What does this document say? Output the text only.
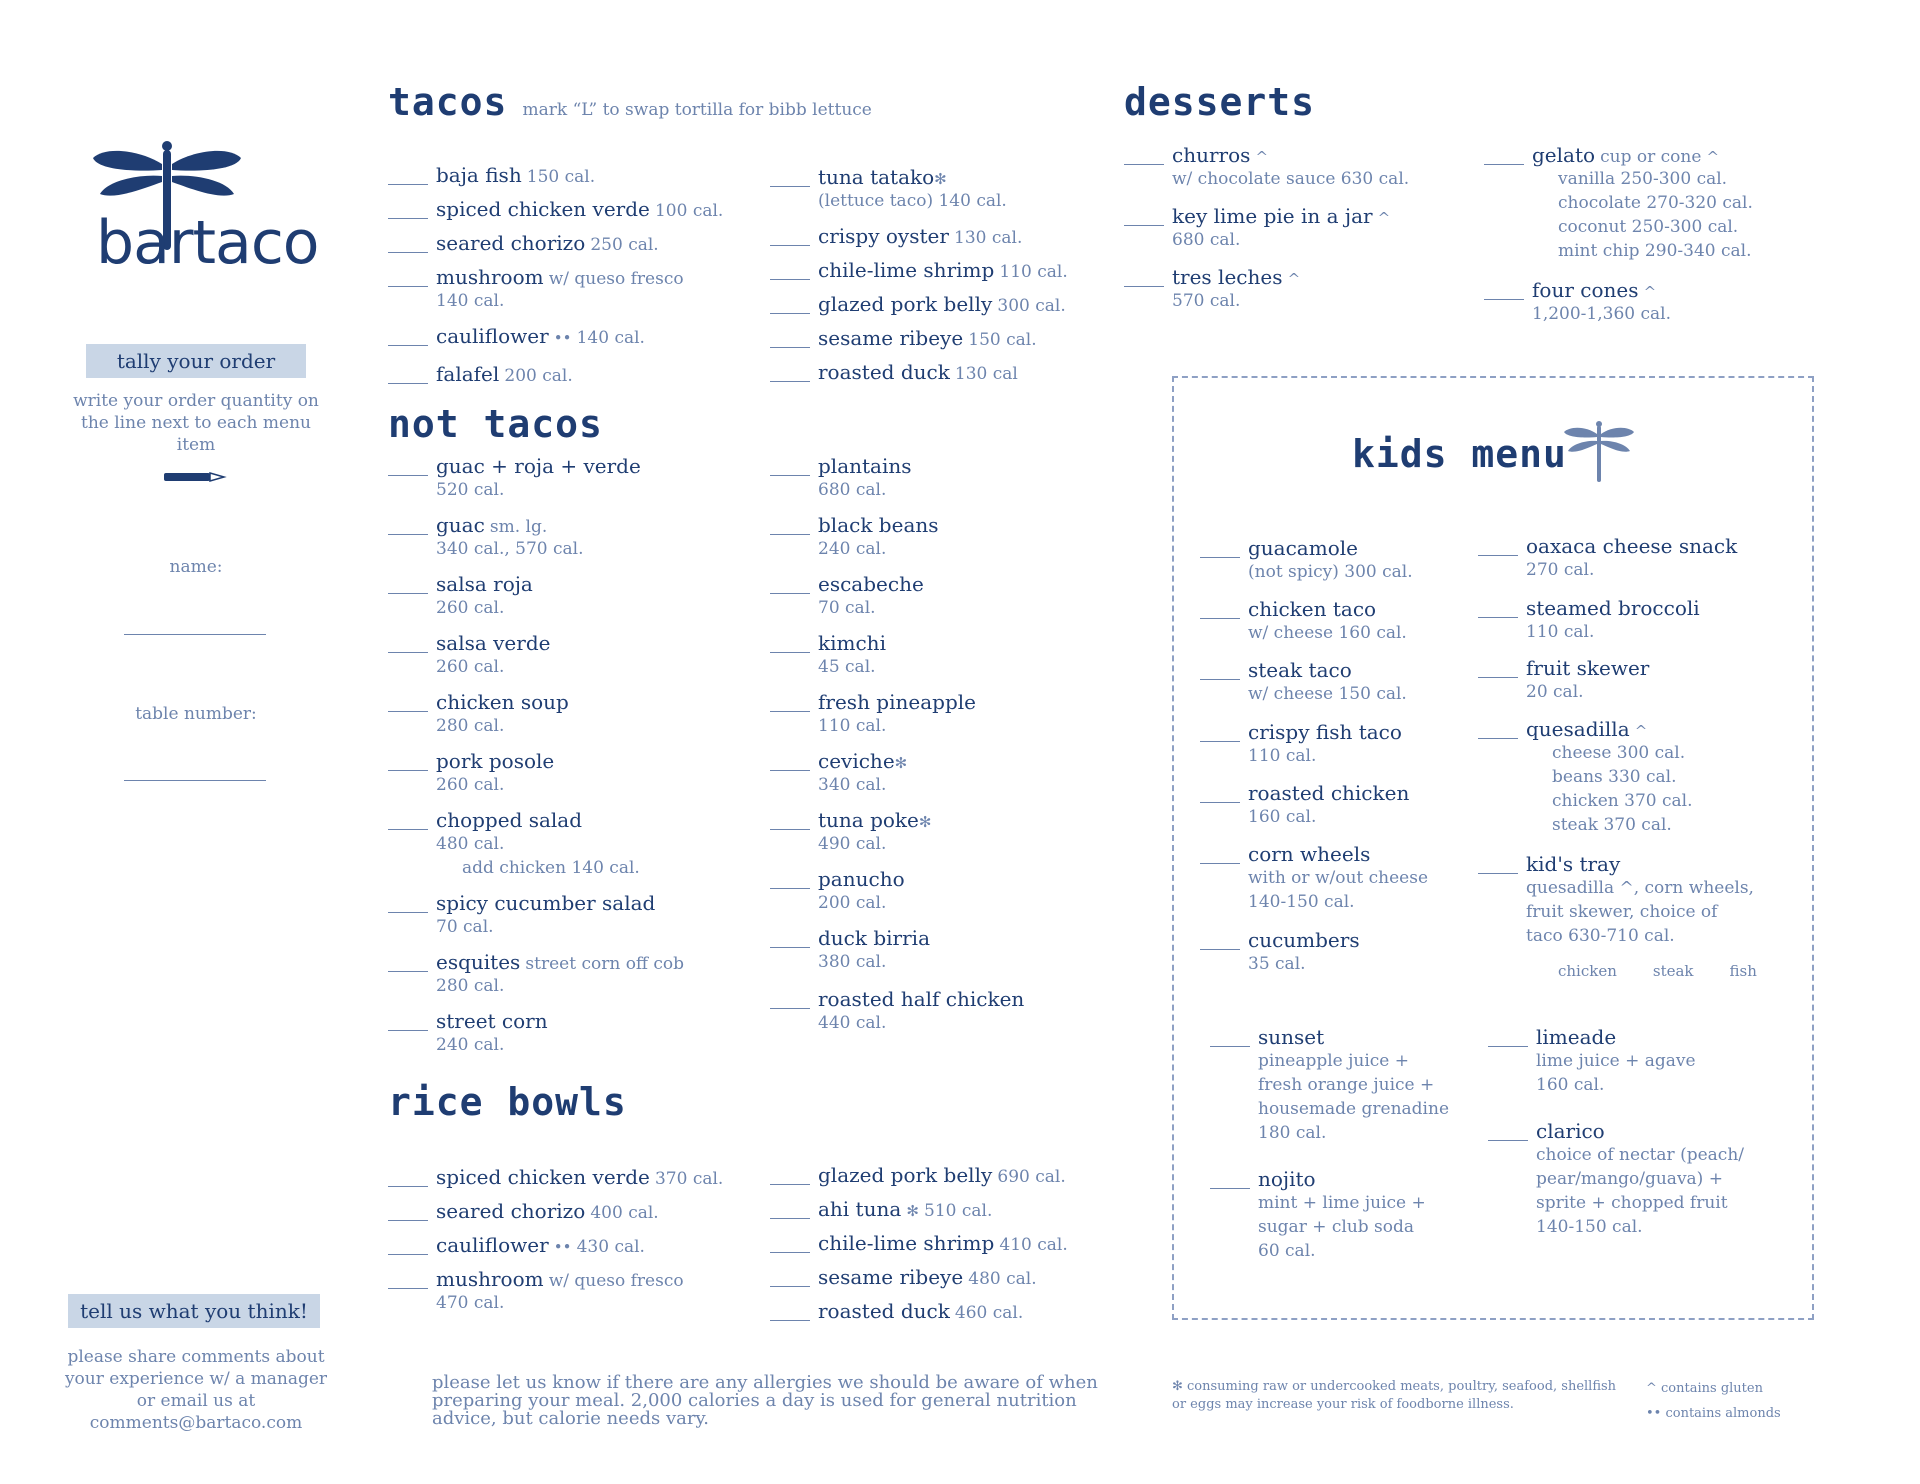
bartaco
tally your order
write your order quantity on the line next to each menu item
name:
table number:
tell us what you think!
please share comments about your experience w/ a manager or email us at comments@bartaco.com
tacos mark “L” to swap tortilla for bibb lettuce
baja fish 150 cal.
spiced chicken verde 100 cal.
seared chorizo 250 cal.
mushroom w/ queso fresco
140 cal.
cauliflower •• 140 cal.
falafel 200 cal.
tuna tatako✻
(lettuce taco) 140 cal.
crispy oyster 130 cal.
chile-lime shrimp 110 cal.
glazed pork belly 300 cal.
sesame ribeye 150 cal.
roasted duck 130 cal
not tacos
guac + roja + verde
520 cal.
guac sm. lg.
340 cal., 570 cal.
salsa roja
260 cal.
salsa verde
260 cal.
chicken soup
280 cal.
pork posole
260 cal.
chopped salad
480 cal.
add chicken 140 cal.
spicy cucumber salad
70 cal.
esquites street corn off cob
280 cal.
street corn
240 cal.
plantains
680 cal.
black beans
240 cal.
escabeche
70 cal.
kimchi
45 cal.
fresh pineapple
110 cal.
ceviche✻
340 cal.
tuna poke✻
490 cal.
panucho
200 cal.
duck birria
380 cal.
roasted half chicken
440 cal.
rice bowls
spiced chicken verde 370 cal.
seared chorizo 400 cal.
cauliflower •• 430 cal.
mushroom w/ queso fresco
470 cal.
glazed pork belly 690 cal.
ahi tuna ✻ 510 cal.
chile-lime shrimp 410 cal.
sesame ribeye 480 cal.
roasted duck 460 cal.
desserts
churros ^
w/ chocolate sauce 630 cal.
key lime pie in a jar ^
680 cal.
tres leches ^
570 cal.
gelato cup or cone ^
vanilla 250-300 cal.
chocolate 270-320 cal.
coconut 250-300 cal.
mint chip 290-340 cal.
four cones ^
1,200-1,360 cal.
kids menu
guacamole
(not spicy) 300 cal.
chicken taco
w/ cheese 160 cal.
steak taco
w/ cheese 150 cal.
crispy fish taco
110 cal.
roasted chicken
160 cal.
corn wheels
with or w/out cheese
140-150 cal.
cucumbers
35 cal.
oaxaca cheese snack
270 cal.
steamed broccoli
110 cal.
fruit skewer
20 cal.
quesadilla ^
cheese 300 cal.
beans 330 cal.
chicken 370 cal.
steak 370 cal.
kid's tray
quesadilla ^, corn wheels,
fruit skewer, choice of
taco 630-710 cal.
chicken steak fish
sunset
pineapple juice +
fresh orange juice +
housemade grenadine
180 cal.
nojito
mint + lime juice +
sugar + club soda
60 cal.
limeade
lime juice + agave
160 cal.
clarico
choice of nectar (peach/
pear/mango/guava) +
sprite + chopped fruit
140-150 cal.
please let us know if there are any allergies we should be aware of when preparing your meal. 2,000 calories a day is used for general nutrition advice, but calorie needs vary.
✻ consuming raw or undercooked meats, poultry, seafood, shellfish or eggs may increase your risk of foodborne illness.
^ contains gluten
•• contains almonds
